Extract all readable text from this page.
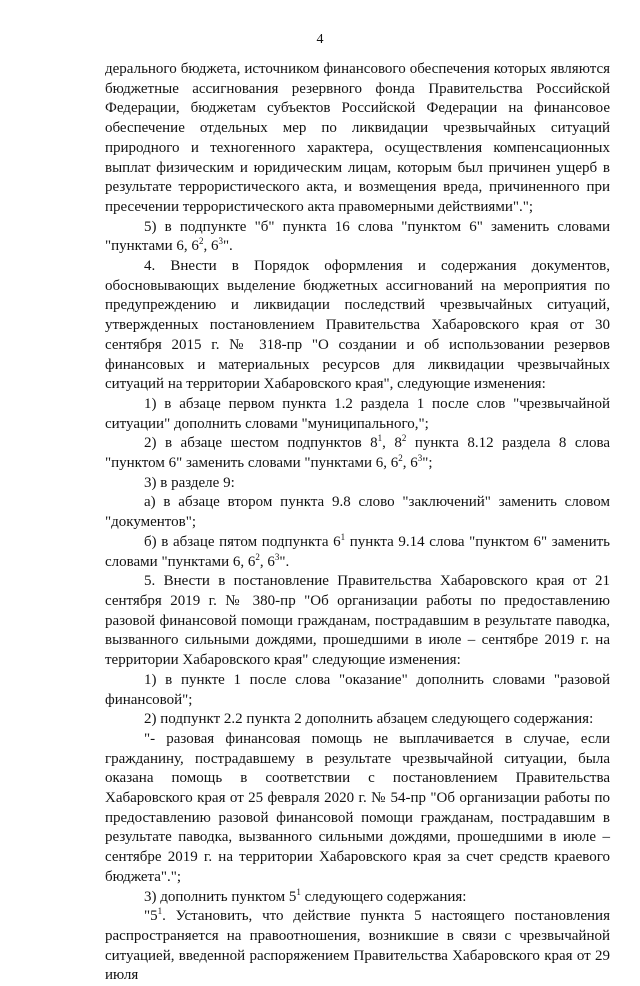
4

дерального бюджета, источником финансового обеспечения которых являются бюджетные ассигнования резервного фонда Правительства Российской Федерации, бюджетам субъектов Российской Федерации на финансовое обеспечение отдельных мер по ликвидации чрезвычайных ситуаций природного и техногенного характера, осуществления компенсационных выплат физическим и юридическим лицам, которым был причинен ущерб в результате террористического акта, и возмещения вреда, причиненного при пресечении террористического акта правомерными действиями".";

5) в подпункте "б" пункта 16 слова "пунктом 6" заменить словами "пунктами 6, $6^2$, $6^3$".

4. Внести в Порядок оформления и содержания документов, обосновывающих выделение бюджетных ассигнований на мероприятия по предупреждению и ликвидации последствий чрезвычайных ситуаций, утвержденных постановлением Правительства Хабаровского края от 30 сентября 2015 г. № 318-пр "О создании и об использовании резервов финансовых и материальных ресурсов для ликвидации чрезвычайных ситуаций на территории Хабаровского края", следующие изменения:

1) в абзаце первом пункта 1.2 раздела 1 после слов "чрезвычайной ситуации" дополнить словами "муниципального,";

2) в абзаце шестом подпунктов $8^1$, $8^2$ пункта 8.12 раздела 8 слова "пунктом 6" заменить словами "пунктами 6, $6^2$, $6^3$";

3) в разделе 9:

а) в абзаце втором пункта 9.8 слово "заключений" заменить словом "документов";

б) в абзаце пятом подпункта $6^1$ пункта 9.14 слова "пунктом 6" заменить словами "пунктами 6, $6^2$, $6^3$".

5. Внести в постановление Правительства Хабаровского края от 21 сентября 2019 г. № 380-пр "Об организации работы по предоставлению разовой финансовой помощи гражданам, пострадавшим в результате паводка, вызванного сильными дождями, прошедшими в июле – сентябре 2019 г. на территории Хабаровского края" следующие изменения:

1) в пункте 1 после слова "оказание" дополнить словами "разовой финансовой";

2) подпункт 2.2 пункта 2 дополнить абзацем следующего содержания:

"- разовая финансовая помощь не выплачивается в случае, если гражданину, пострадавшему в результате чрезвычайной ситуации, была оказана помощь в соответствии с постановлением Правительства Хабаровского края от 25 февраля 2020 г. № 54-пр "Об организации работы по предоставлению разовой финансовой помощи гражданам, пострадавшим в результате паводка, вызванного сильными дождями, прошедшими в июле – сентябре 2019 г. на территории Хабаровского края за счет средств краевого бюджета".";

3) дополнить пунктом $5^1$ следующего содержания:

"$5^1$. Установить, что действие пункта 5 настоящего постановления распространяется на правоотношения, возникшие в связи с чрезвычайной ситуацией, введенной распоряжением Правительства Хабаровского края от 29 июля
